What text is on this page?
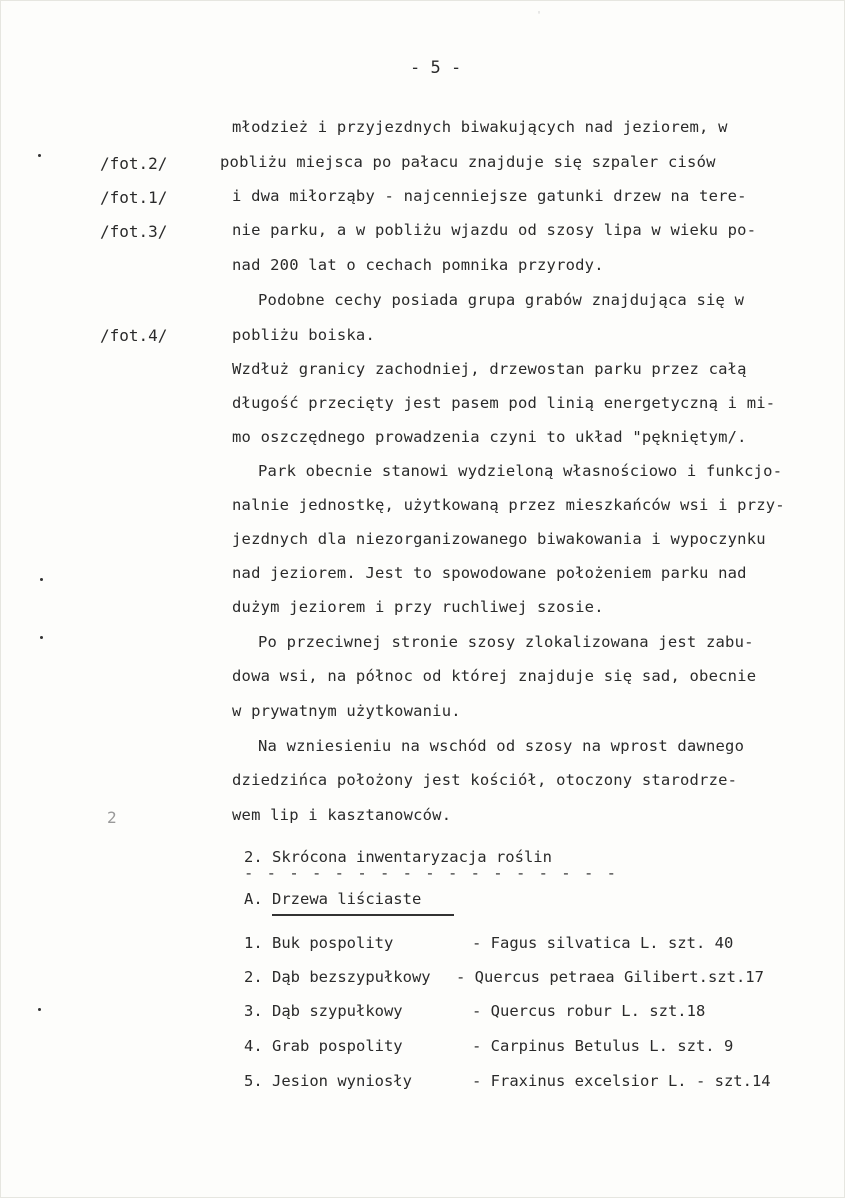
'
- 5 -
/fot.2/
/fot.1/
/fot.3/
/fot.4/
2
młodzież i przyjezdnych biwakujących nad jeziorem, w
pobliżu miejsca po pałacu znajduje się szpaler cisów
i dwa miłorząby - najcenniejsze gatunki drzew na tere-
nie parku, a w pobliżu wjazdu od szosy lipa w wieku po-
nad 200 lat o cechach pomnika przyrody.
Podobne cechy posiada grupa grabów znajdująca się w
pobliżu boiska.
Wzdłuż granicy zachodniej, drzewostan parku przez całą
długość przecięty jest pasem pod linią energetyczną i mi-
mo oszczędnego prowadzenia czyni to układ "pękniętym/.
Park obecnie stanowi wydzieloną własnościowo i funkcjo-
nalnie jednostkę, użytkowaną przez mieszkańców wsi i przy-
jezdnych dla niezorganizowanego biwakowania i wypoczynku
nad jeziorem. Jest to spowodowane położeniem parku nad
dużym jeziorem i przy ruchliwej szosie.
Po przeciwnej stronie szosy zlokalizowana jest zabu-
dowa wsi, na północ od której znajduje się sad, obecnie
w prywatnym użytkowaniu.
Na wzniesieniu na wschód od szosy na wprost dawnego
dziedzińca położony jest kościół, otoczony starodrze-
wem lip i kasztanowców.
2. Skrócona inwentaryzacja roślin
- - - - - - - - - - - - - - - - -
A. Drzewa liściaste
1. Buk pospolity	- Fagus silvatica L. szt. 40
2. Dąb bezszypułkowy - Quercus petraea Gilibert.szt.17
3. Dąb szypułkowy	- Quercus robur L. szt.18
4. Grab pospolity	- Carpinus Betulus L. szt. 9
5. Jesion wyniosły	- Fraxinus excelsior L. - szt.14
